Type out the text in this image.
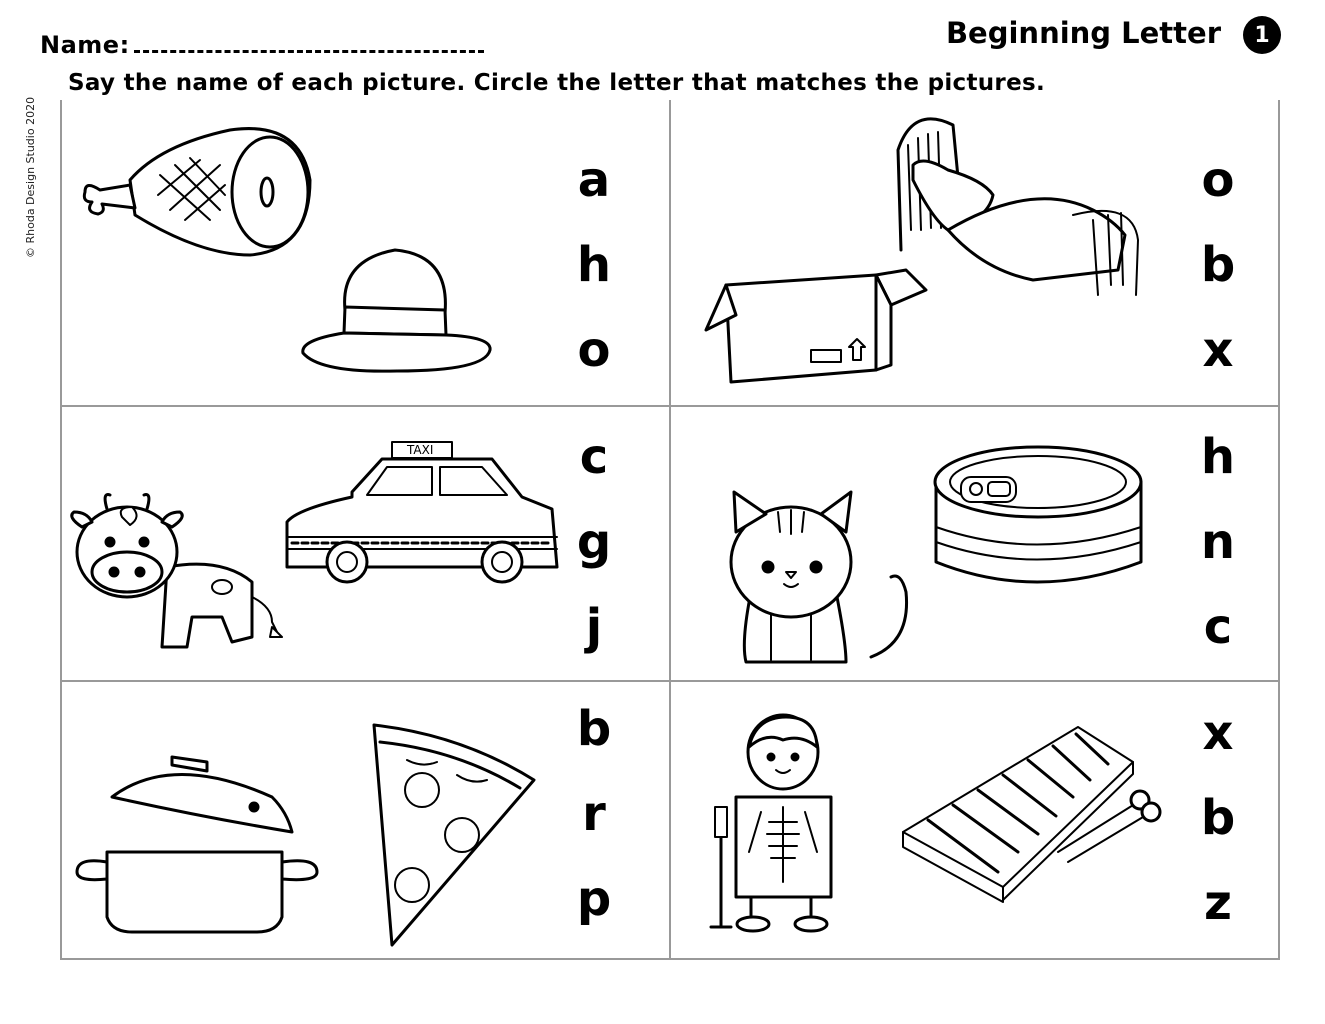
Name:	Beginning Letter	1
Say the name of each picture. Circle the letter that matches the pictures.
© Rhoda Design Studio 2020	a
h
o
o
b
x
TAXI	c
g
j
h
n
c
b
r
p
x
b
z
